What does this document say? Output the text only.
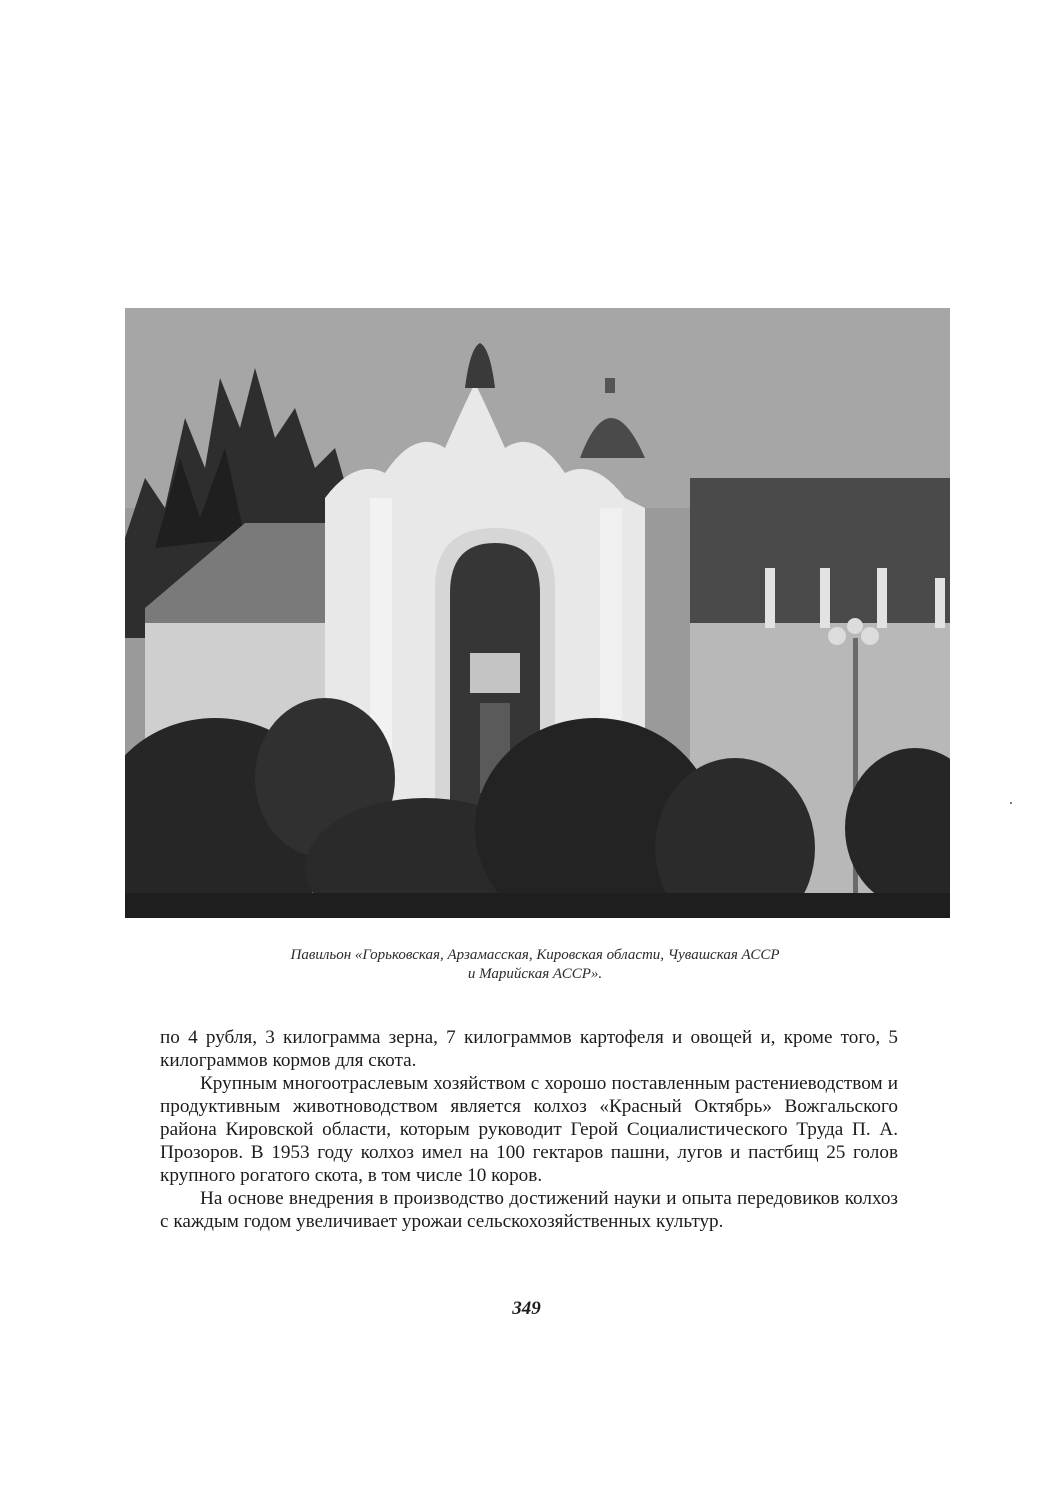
Павильон «Горьковская, Арзамасская, Кировская области, Чувашская АССР
и Марийская АССР».

по 4 рубля, 3 килограмма зерна, 7 килограммов картофеля и овощей и, кроме того, 5 килограммов кормов для скота.

Крупным многоотраслевым хозяйством с хорошо поставленным растениеводством и продуктивным животноводством является колхоз «Красный Октябрь» Вожгальского района Кировской области, которым руководит Герой Социалистического Труда П. А. Прозоров. В 1953 году колхоз имел на 100 гектаров пашни, лугов и пастбищ 25 голов крупного рогатого скота, в том числе 10 коров.

На основе внедрения в производство достижений науки и опыта передовиков колхоз с каждым годом увеличивает урожаи сельскохозяйственных культур.

349
